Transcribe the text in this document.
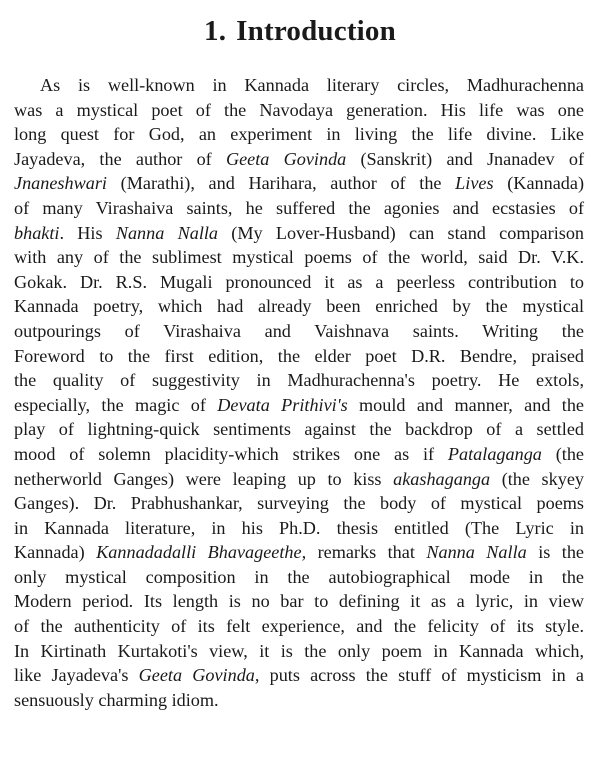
1. Introduction

As is well-known in Kannada literary circles, Madhurachenna
was a mystical poet of the Navodaya generation. His life was one
long quest for God, an experiment in living the life divine. Like
Jayadeva, the author of Geeta Govinda (Sanskrit) and Jnanadev of
Jnaneshwari (Marathi), and Harihara, author of the Lives (Kannada)
of many Virashaiva saints, he suffered the agonies and ecstasies of
bhakti. His Nanna Nalla (My Lover-Husband) can stand comparison
with any of the sublimest mystical poems of the world, said Dr. V.K.
Gokak. Dr. R.S. Mugali pronounced it as a peerless contribution to
Kannada poetry, which had already been enriched by the mystical
outpourings of Virashaiva and Vaishnava saints. Writing the
Foreword to the first edition, the elder poet D.R. Bendre, praised
the quality of suggestivity in Madhurachenna's poetry. He extols,
especially, the magic of Devata Prithivi's mould and manner, and the
play of lightning-quick sentiments against the backdrop of a settled
mood of solemn placidity-which strikes one as if Patalaganga (the
netherworld Ganges) were leaping up to kiss akashaganga (the skyey
Ganges). Dr. Prabhushankar, surveying the body of mystical poems
in Kannada literature, in his Ph.D. thesis entitled (The Lyric in
Kannada) Kannadadalli Bhavageethe, remarks that Nanna Nalla is the
only mystical composition in the autobiographical mode in the
Modern period. Its length is no bar to defining it as a lyric, in view
of the authenticity of its felt experience, and the felicity of its style.
In Kirtinath Kurtakoti's view, it is the only poem in Kannada which,
like Jayadeva's Geeta Govinda, puts across the stuff of mysticism in a
sensuously charming idiom.
